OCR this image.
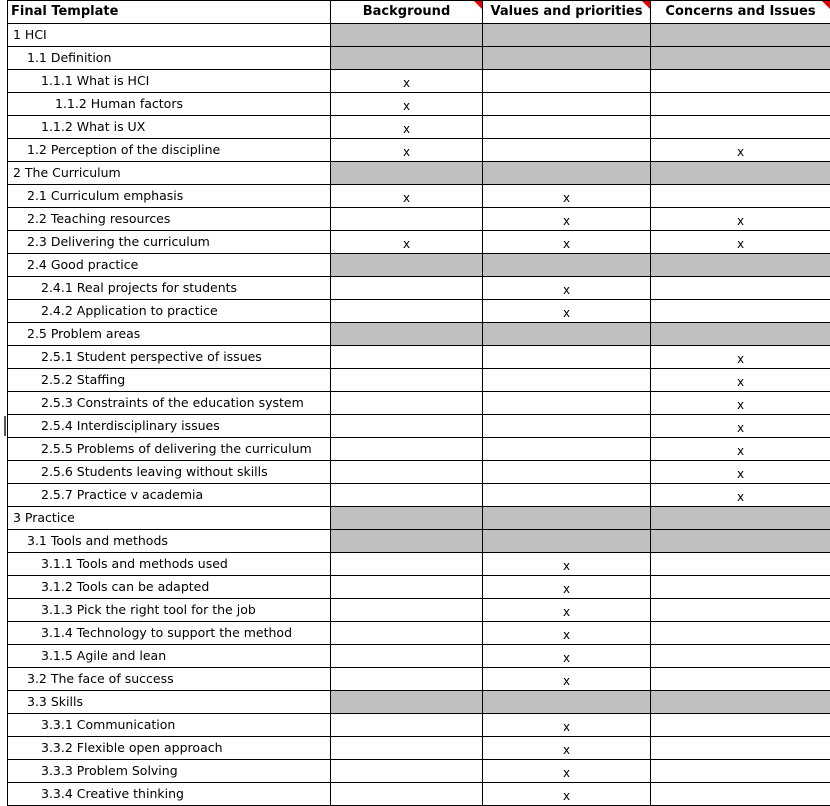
Final Template	Background	Values and priorities	Concerns and Issues

1 HCI			
1.1 Definition			
1.1.1 What is HCI	x		
1.1.2 Human factors	x		
1.1.2 What is UX	x		
1.2 Perception of the discipline	x		x
2 The Curriculum			
2.1 Curriculum emphasis	x	x	
2.2 Teaching resources		x	x
2.3 Delivering the curriculum	x	x	x
2.4 Good practice			
2.4.1 Real projects for students		x	
2.4.2 Application to practice		x	
2.5 Problem areas			
2.5.1 Student perspective of issues			x
2.5.2 Staffing			x
2.5.3 Constraints of the education system			x
2.5.4 Interdisciplinary issues			x
2.5.5 Problems of delivering the curriculum			x
2.5.6 Students leaving without skills			x
2.5.7 Practice v academia			x
3 Practice			
3.1 Tools and methods			
3.1.1 Tools and methods used		x	
3.1.2 Tools can be adapted		x	
3.1.3 Pick the right tool for the job		x	
3.1.4 Technology to support the method		x	
3.1.5 Agile and lean		x	
3.2 The face of success		x	
3.3 Skills			
3.3.1 Communication		x	
3.3.2 Flexible open approach		x	
3.3.3 Problem Solving		x	
3.3.4 Creative thinking		x	
